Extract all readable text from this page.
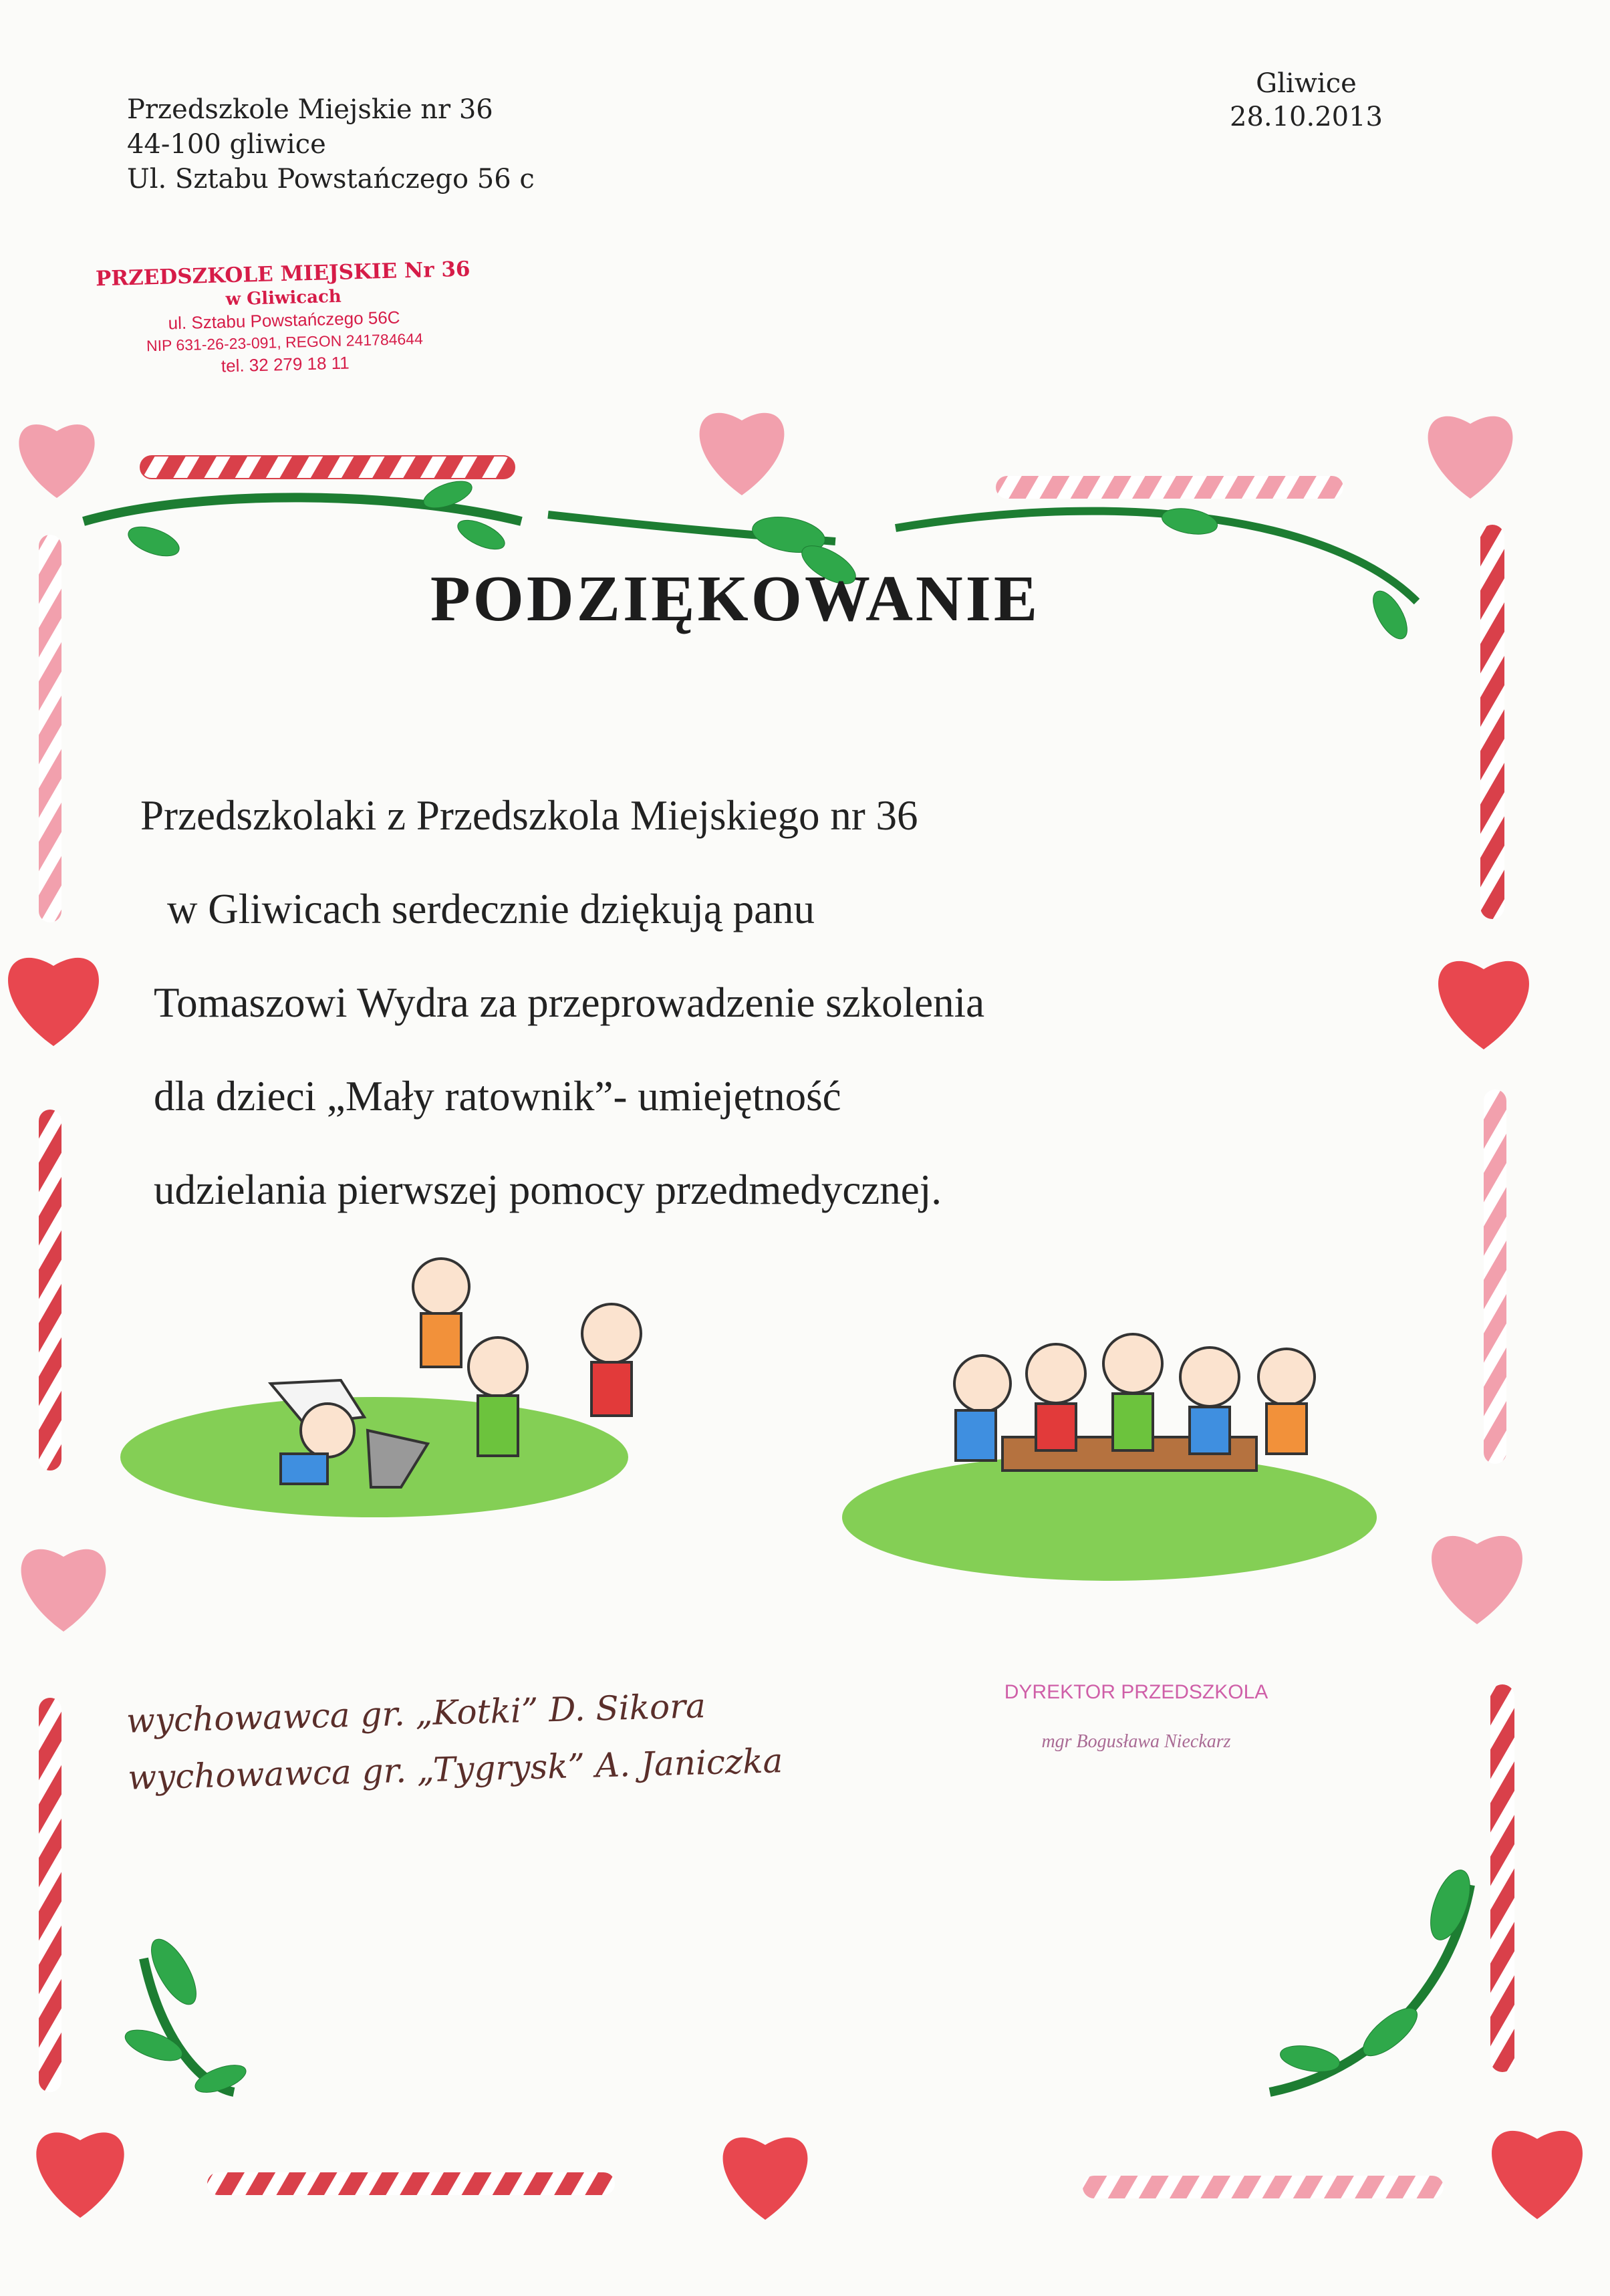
Przedszkole Miejskie nr 36
44-100 gliwice
Ul. Sztabu Powstańczego 56 c
Gliwice
28.10.2013
PRZEDSZKOLE MIEJSKIE Nr 36
w Gliwicach
ul. Sztabu Powstańczego 56C
NIP 631-26-23-091, REGON 241784644
tel. 32 279 18 11
PODZIĘKOWANIE
Przedszkolaki z Przedszkola Miejskiego nr 36
w Gliwicach serdecznie dziękują panu
Tomaszowi Wydra za przeprowadzenie szkolenia
dla dzieci „Mały ratownik”- umiejętność
udzielania pierwszej pomocy przedmedycznej.
wychowawca gr. „Kotki” D. Sikora
wychowawca gr. „Tygrysk” A. Janiczka
DYREKTOR PRZEDSZKOLA
mgr Bogusława Nieckarz
